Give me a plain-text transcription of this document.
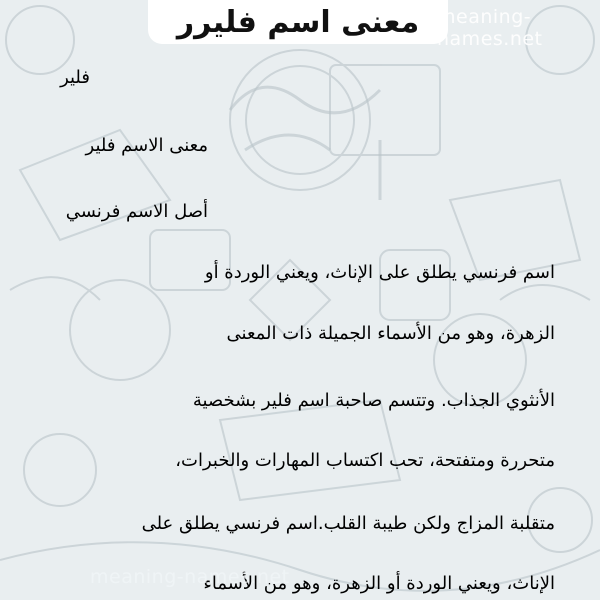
معنى اسم فليرر meaning-names.net
فلير
معنى الاسم فلير
أصل الاسم فرنسي
اسم فرنسي يطلق على الإناث، ويعني الوردة أو
الزهرة، وهو من الأسماء الجميلة ذات المعنى
الأنثوي الجذاب. وتتسم صاحبة اسم فلير بشخصية
متحررة ومتفتحة، تحب اكتساب المهارات والخبرات،
متقلبة المزاج ولكن طيبة القلب.اسم فرنسي يطلق على
الإناث، ويعني الوردة أو الزهرة، وهو من الأسماء
meaning-names.net
